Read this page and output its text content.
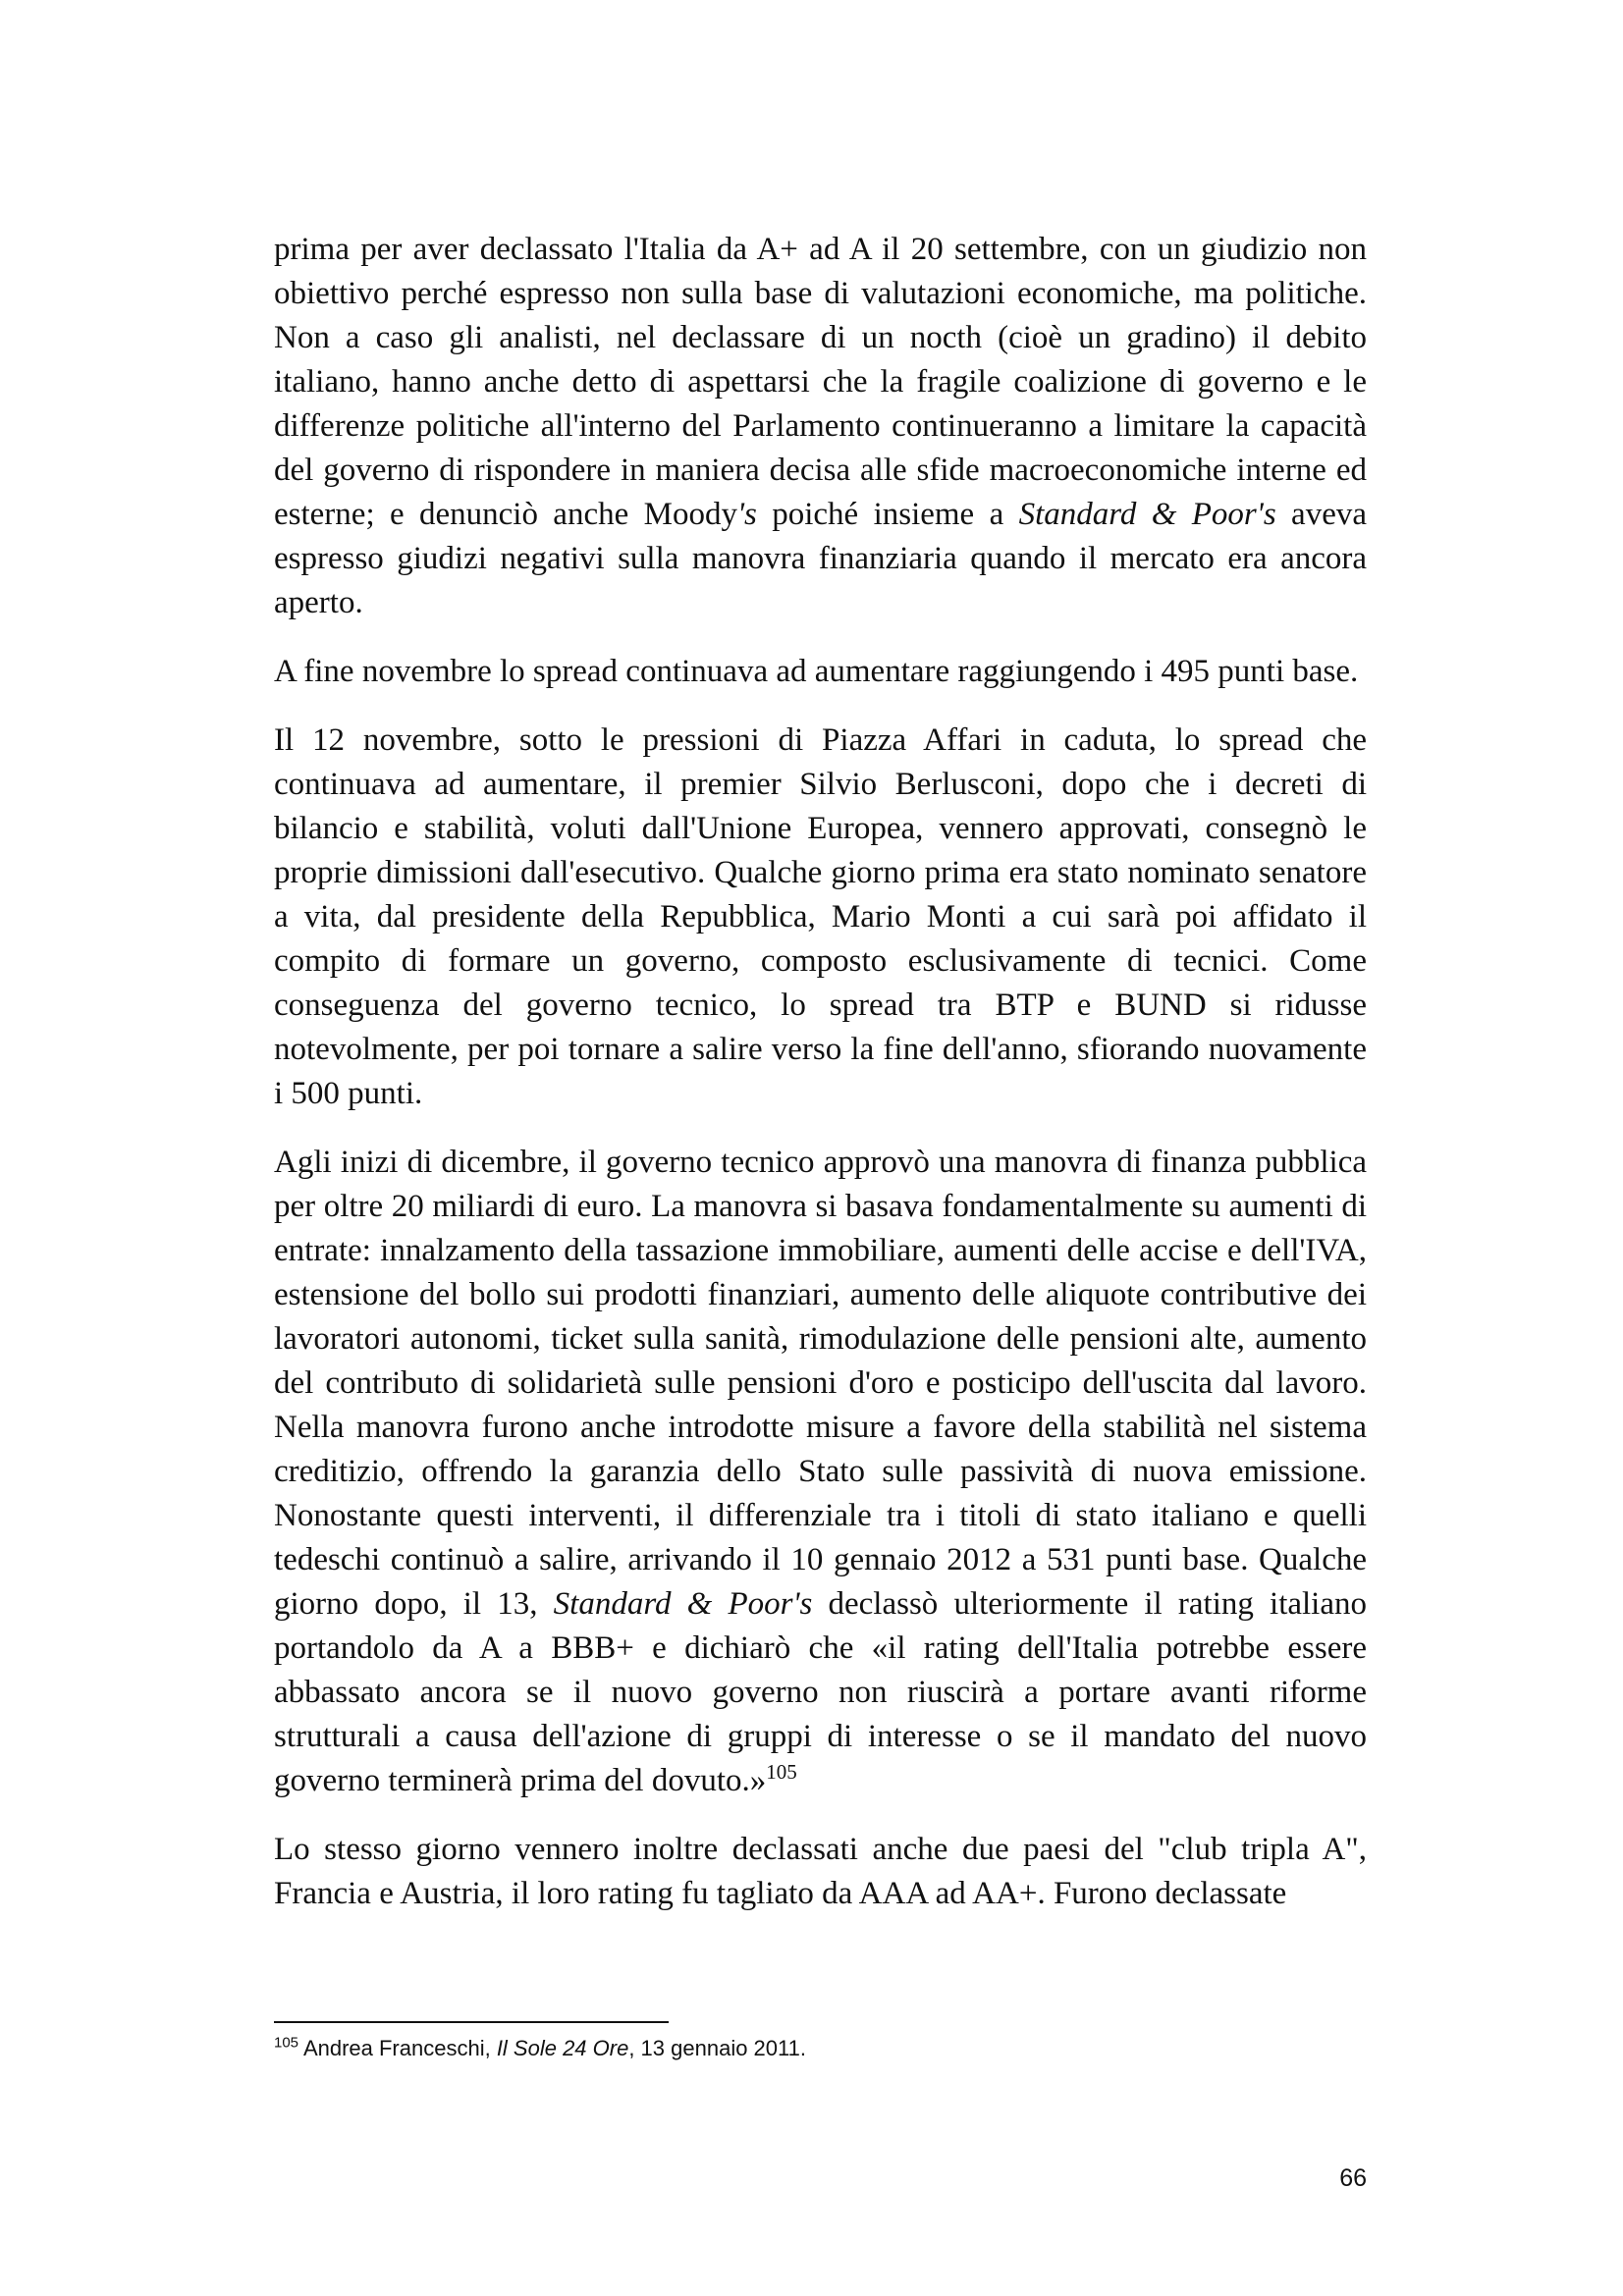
prima per aver declassato l'Italia da A+ ad A il 20 settembre, con un giudizio non obiettivo perché espresso non sulla base di valutazioni economiche, ma politiche. Non a caso gli analisti, nel declassare di un nocth (cioè un gradino) il debito italiano, hanno anche detto di aspettarsi che la fragile coalizione di governo e le differenze politiche all'interno del Parlamento continueranno a limitare la capacità del governo di rispondere in maniera decisa alle sfide macroeconomiche interne ed esterne; e denunciò anche Moody's poiché insieme a Standard & Poor's aveva espresso giudizi negativi sulla manovra finanziaria quando il mercato era ancora aperto.

A fine novembre lo spread continuava ad aumentare raggiungendo i 495 punti base.

Il 12 novembre, sotto le pressioni di Piazza Affari in caduta, lo spread che continuava ad aumentare, il premier Silvio Berlusconi, dopo che i decreti di bilancio e stabilità, voluti dall'Unione Europea, vennero approvati, consegnò le proprie dimissioni dall'esecutivo. Qualche giorno prima era stato nominato senatore a vita, dal presidente della Repubblica, Mario Monti a cui sarà poi affidato il compito di formare un governo, composto esclusivamente di tecnici. Come conseguenza del governo tecnico, lo spread tra BTP e BUND si ridusse notevolmente, per poi tornare a salire verso la fine dell'anno, sfiorando nuovamente i 500 punti.

Agli inizi di dicembre, il governo tecnico approvò una manovra di finanza pubblica per oltre 20 miliardi di euro. La manovra si basava fondamentalmente su aumenti di entrate: innalzamento della tassazione immobiliare, aumenti delle accise e dell'IVA, estensione del bollo sui prodotti finanziari, aumento delle aliquote contributive dei lavoratori autonomi, ticket sulla sanità, rimodulazione delle pensioni alte, aumento del contributo di solidarietà sulle pensioni d'oro e posticipo dell'uscita dal lavoro. Nella manovra furono anche introdotte misure a favore della stabilità nel sistema creditizio, offrendo la garanzia dello Stato sulle passività di nuova emissione. Nonostante questi interventi, il differenziale tra i titoli di stato italiano e quelli tedeschi continuò a salire, arrivando il 10 gennaio 2012 a 531 punti base. Qualche giorno dopo, il 13, Standard & Poor's declassò ulteriormente il rating italiano portandolo da A a BBB+ e dichiarò che «il rating dell'Italia potrebbe essere abbassato ancora se il nuovo governo non riuscirà a portare avanti riforme strutturali a causa dell'azione di gruppi di interesse o se il mandato del nuovo governo terminerà prima del dovuto.»$^{105}$

Lo stesso giorno vennero inoltre declassati anche due paesi del "club tripla A", Francia e Austria, il loro rating fu tagliato da AAA ad AA+. Furono declassate

$^{105}$ Andrea Franceschi, Il Sole 24 Ore, 13 gennaio 2011.
66
